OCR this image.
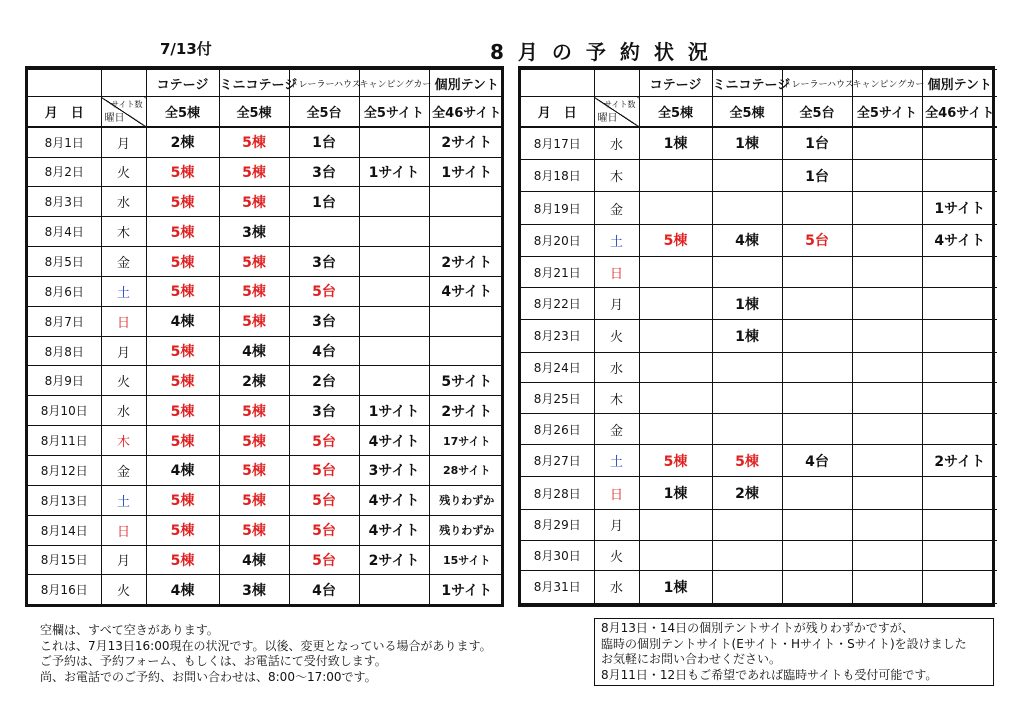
7/13付	8月の予約状況
		コテージ	ミニコテージ	トレーラーハウス	キャンピングカー	個別テント
月　日	サイト数
曜日	全5棟	全5棟	全5台	全5サイト	全46サイト
8月1日	月	2棟	5棟	1台		2サイト
8月2日	火	5棟	5棟	3台	1サイト	1サイト
8月3日	水	5棟	5棟	1台		
8月4日	木	5棟	3棟			
8月5日	金	5棟	5棟	3台		2サイト
8月6日	土	5棟	5棟	5台		4サイト
8月7日	日	4棟	5棟	3台		
8月8日	月	5棟	4棟	4台		
8月9日	火	5棟	2棟	2台		5サイト
8月10日	水	5棟	5棟	3台	1サイト	2サイト
8月11日	木	5棟	5棟	5台	4サイト	17サイト
8月12日	金	4棟	5棟	5台	3サイト	28サイト
8月13日	土	5棟	5棟	5台	4サイト	残りわずか
8月14日	日	5棟	5棟	5台	4サイト	残りわずか
8月15日	月	5棟	4棟	5台	2サイト	15サイト
8月16日	火	4棟	3棟	4台		1サイト
		コテージ	ミニコテージ	トレーラーハウス	キャンピングカー	個別テント
月　日	サイト数
曜日	全5棟	全5棟	全5台	全5サイト	全46サイト
8月17日	水	1棟	1棟	1台		
8月18日	木			1台		
8月19日	金					1サイト
8月20日	土	5棟	4棟	5台		4サイト
8月21日	日					
8月22日	月		1棟			
8月23日	火		1棟			
8月24日	水					
8月25日	木					
8月26日	金					
8月27日	土	5棟	5棟	4台		2サイト
8月28日	日	1棟	2棟			
8月29日	月					
8月30日	火					
8月31日	水	1棟				

空欄は、すべて空きがあります。
これは、7月13日16:00現在の状況です。以後、変更となっている場合があります。
ご予約は、予約フォーム、もしくは、お電話にて受付致します。
尚、お電話でのご予約、お問い合わせは、8:00〜17:00です。
8月13日・14日の個別テントサイトが残りわずかですが、
臨時の個別テントサイト(Eサイト・Hサイト・Sサイト)を設けました
お気軽にお問い合わせください。
8月11日・12日もご希望であれば臨時サイトも受付可能です。
